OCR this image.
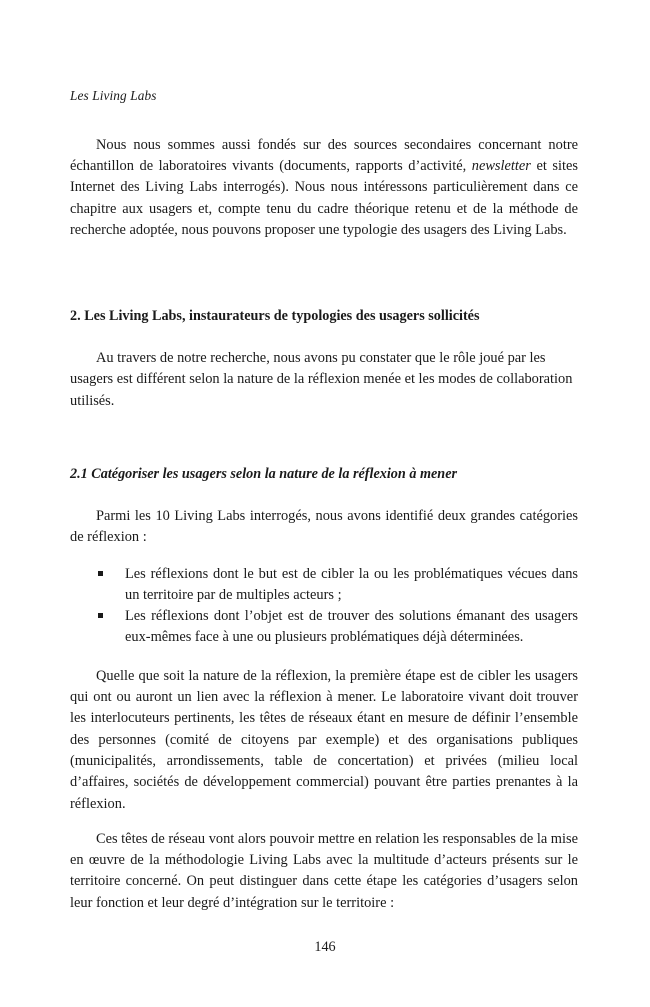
Les Living Labs

Nous nous sommes aussi fondés sur des sources secondaires concernant notre échantillon de laboratoires vivants (documents, rapports d’activité, newsletter et sites Internet des Living Labs interrogés). Nous nous intéressons particulièrement dans ce chapitre aux usagers et, compte tenu du cadre théorique retenu et de la méthode de recherche adoptée, nous pouvons proposer une typologie des usagers des Living Labs.

2. Les Living Labs, instaurateurs de typologies des usagers sollicités

Au travers de notre recherche, nous avons pu constater que le rôle joué par les usagers est différent selon la nature de la réflexion menée et les modes de collaboration utilisés.

2.1 Catégoriser les usagers selon la nature de la réflexion à mener

Parmi les 10 Living Labs interrogés, nous avons identifié deux grandes catégories de réflexion :

Les réflexions dont le but est de cibler la ou les problématiques vécues dans un territoire par de multiples acteurs ;
Les réflexions dont l’objet est de trouver des solutions émanant des usagers eux-mêmes face à une ou plusieurs problématiques déjà déterminées.

Quelle que soit la nature de la réflexion, la première étape est de cibler les usagers qui ont ou auront un lien avec la réflexion à mener. Le laboratoire vivant doit trouver les interlocuteurs pertinents, les têtes de réseaux étant en mesure de définir l’ensemble des personnes (comité de citoyens par exemple) et des organisations publiques (municipalités, arrondissements, table de concertation) et privées (milieu local d’affaires, sociétés de développement commercial) pouvant être parties prenantes à la réflexion.

Ces têtes de réseau vont alors pouvoir mettre en relation les responsables de la mise en œuvre de la méthodologie Living Labs avec la multitude d’acteurs présents sur le territoire concerné. On peut distinguer dans cette étape les catégories d’usagers selon leur fonction et leur degré d’intégration sur le territoire :

146
